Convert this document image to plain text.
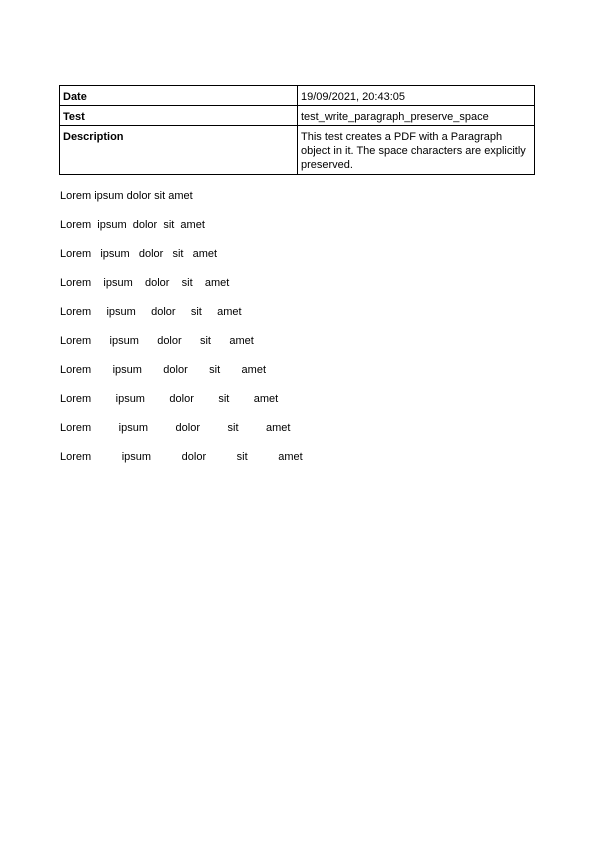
Date	19/09/2021, 20:43:05
Test	test_write_paragraph_preserve_space
Description	This test creates a PDF with a Paragraph object in it. The space characters are explicitly preserved.
Lorem ipsum dolor sit amet
Lorem  ipsum  dolor  sit  amet
Lorem   ipsum   dolor   sit   amet
Lorem    ipsum    dolor    sit    amet
Lorem     ipsum     dolor     sit     amet
Lorem      ipsum      dolor      sit      amet
Lorem       ipsum       dolor       sit       amet
Lorem        ipsum        dolor        sit        amet
Lorem         ipsum         dolor         sit         amet
Lorem          ipsum          dolor          sit          amet
